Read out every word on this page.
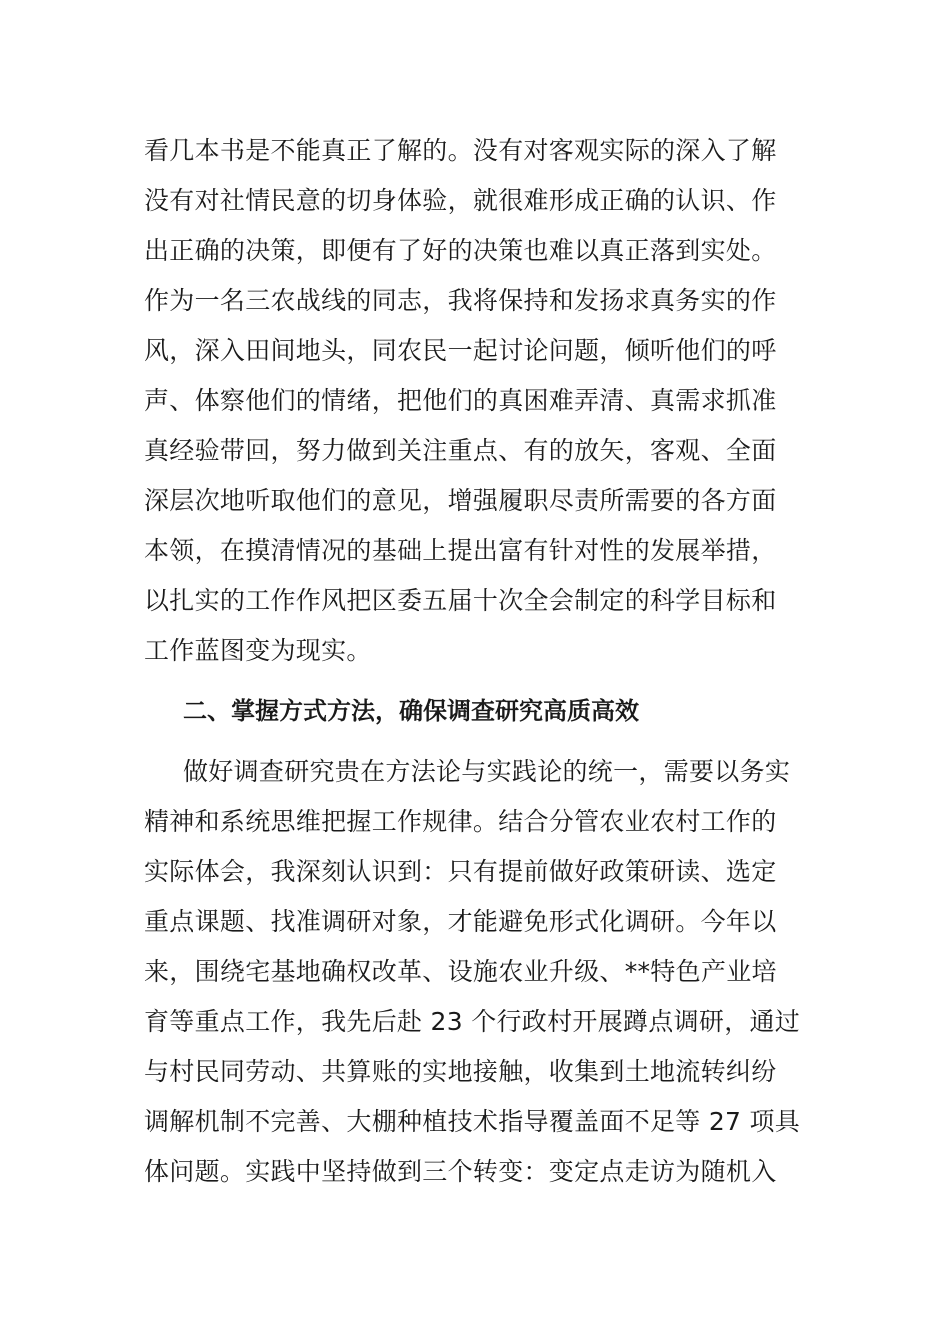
看几本书是不能真正了解的。没有对客观实际的深入了解
没有对社情民意的切身体验，就很难形成正确的认识、作
出正确的决策，即便有了好的决策也难以真正落到实处。
作为一名三农战线的同志，我将保持和发扬求真务实的作
风，深入田间地头，同农民一起讨论问题，倾听他们的呼
声、体察他们的情绪，把他们的真困难弄清、真需求抓准
真经验带回，努力做到关注重点、有的放矢，客观、全面
深层次地听取他们的意见，增强履职尽责所需要的各方面
本领，在摸清情况的基础上提出富有针对性的发展举措，
以扎实的工作作风把区委五届十次全会制定的科学目标和
工作蓝图变为现实。
二、掌握方式方法，确保调查研究高质高效
做好调查研究贵在方法论与实践论的统一，需要以务实
精神和系统思维把握工作规律。结合分管农业农村工作的
实际体会，我深刻认识到：只有提前做好政策研读、选定
重点课题、找准调研对象，才能避免形式化调研。今年以
来，围绕宅基地确权改革、设施农业升级、**特色产业培
育等重点工作，我先后赴 23 个行政村开展蹲点调研，通过
与村民同劳动、共算账的实地接触，收集到土地流转纠纷
调解机制不完善、大棚种植技术指导覆盖面不足等 27 项具
体问题。实践中坚持做到三个转变：变定点走访为随机入
